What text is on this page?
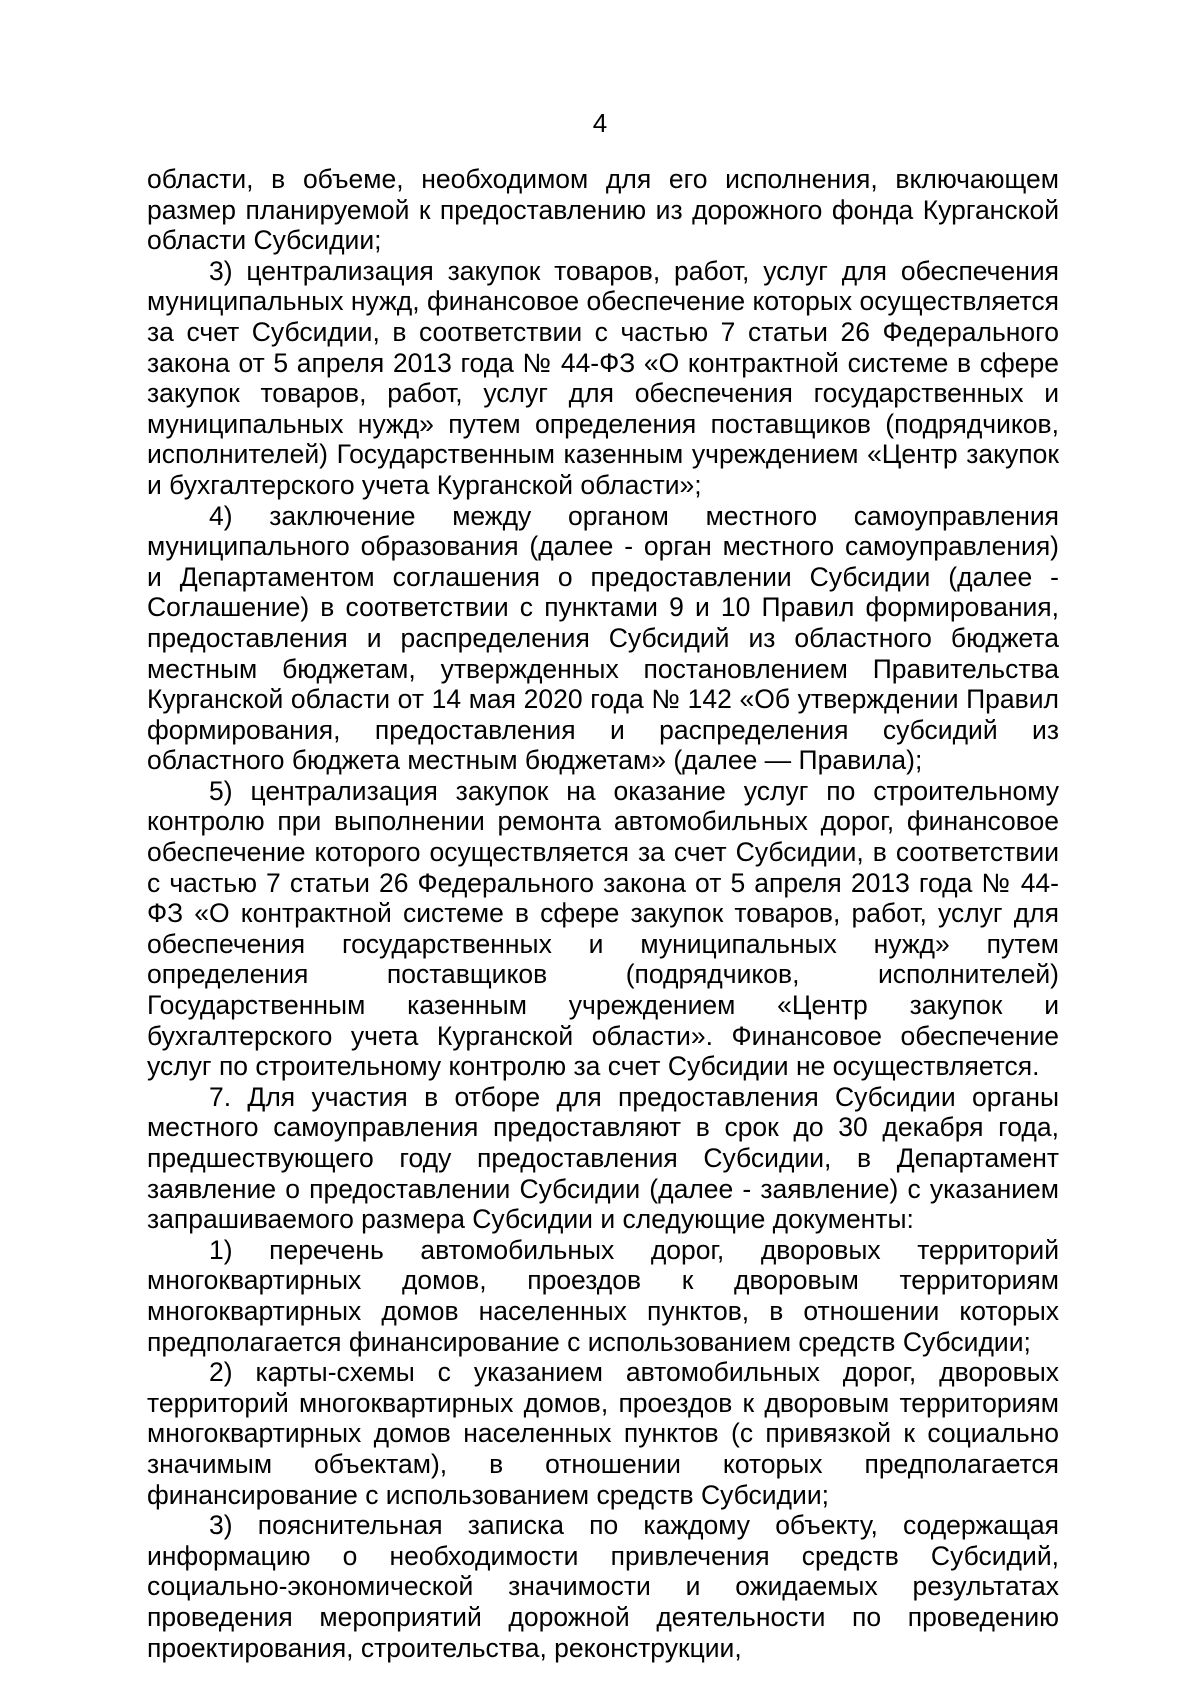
4

области, в объеме, необходимом для его исполнения, включающем размер планируемой к предоставлению из дорожного фонда Курганской области Субсидии;

3) централизация закупок товаров, работ, услуг для обеспечения муниципальных нужд, финансовое обеспечение которых осуществляется за счет Субсидии, в соответствии с частью 7 статьи 26 Федерального закона от 5 апреля 2013 года № 44-ФЗ «О контрактной системе в сфере закупок товаров, работ, услуг для обеспечения государственных и муниципальных нужд» путем определения поставщиков (подрядчиков, исполнителей) Государственным казенным учреждением «Центр закупок и бухгалтерского учета Курганской области»;

4) заключение между органом местного самоуправления муниципального образования (далее - орган местного самоуправления) и Департаментом соглашения о предоставлении Субсидии (далее - Соглашение) в соответствии с пунктами 9 и 10 Правил формирования, предоставления и распределения Субсидий из областного бюджета местным бюджетам, утвержденных постановлением Правительства Курганской области от 14 мая 2020 года № 142 «Об утверждении Правил формирования, предоставления и распределения субсидий из областного бюджета местным бюджетам» (далее — Правила);

5) централизация закупок на оказание услуг по строительному контролю при выполнении ремонта автомобильных дорог, финансовое обеспечение которого осуществляется за счет Субсидии, в соответствии с частью 7 статьи 26 Федерального закона от 5 апреля 2013 года № 44-ФЗ «О контрактной системе в сфере закупок товаров, работ, услуг для обеспечения государственных и муниципальных нужд» путем определения поставщиков (подрядчиков, исполнителей) Государственным казенным учреждением «Центр закупок и бухгалтерского учета Курганской области». Финансовое обеспечение услуг по строительному контролю за счет Субсидии не осуществляется.

7. Для участия в отборе для предоставления Субсидии органы местного самоуправления предоставляют в срок до 30 декабря года, предшествующего году предоставления Субсидии, в Департамент заявление о предоставлении Субсидии (далее - заявление) с указанием запрашиваемого размера Субсидии и следующие документы:

1) перечень автомобильных дорог, дворовых территорий многоквартирных домов, проездов к дворовым территориям многоквартирных домов населенных пунктов, в отношении которых предполагается финансирование с использованием средств Субсидии;

2) карты-схемы с указанием автомобильных дорог, дворовых территорий многоквартирных домов, проездов к дворовым территориям многоквартирных домов населенных пунктов (с привязкой к социально значимым объектам), в отношении которых предполагается финансирование с использованием средств Субсидии;

3) пояснительная записка по каждому объекту, содержащая информацию о необходимости привлечения средств Субсидий, социально-экономической значимости и ожидаемых результатах проведения мероприятий дорожной деятельности по проведению проектирования, строительства, реконструкции,
